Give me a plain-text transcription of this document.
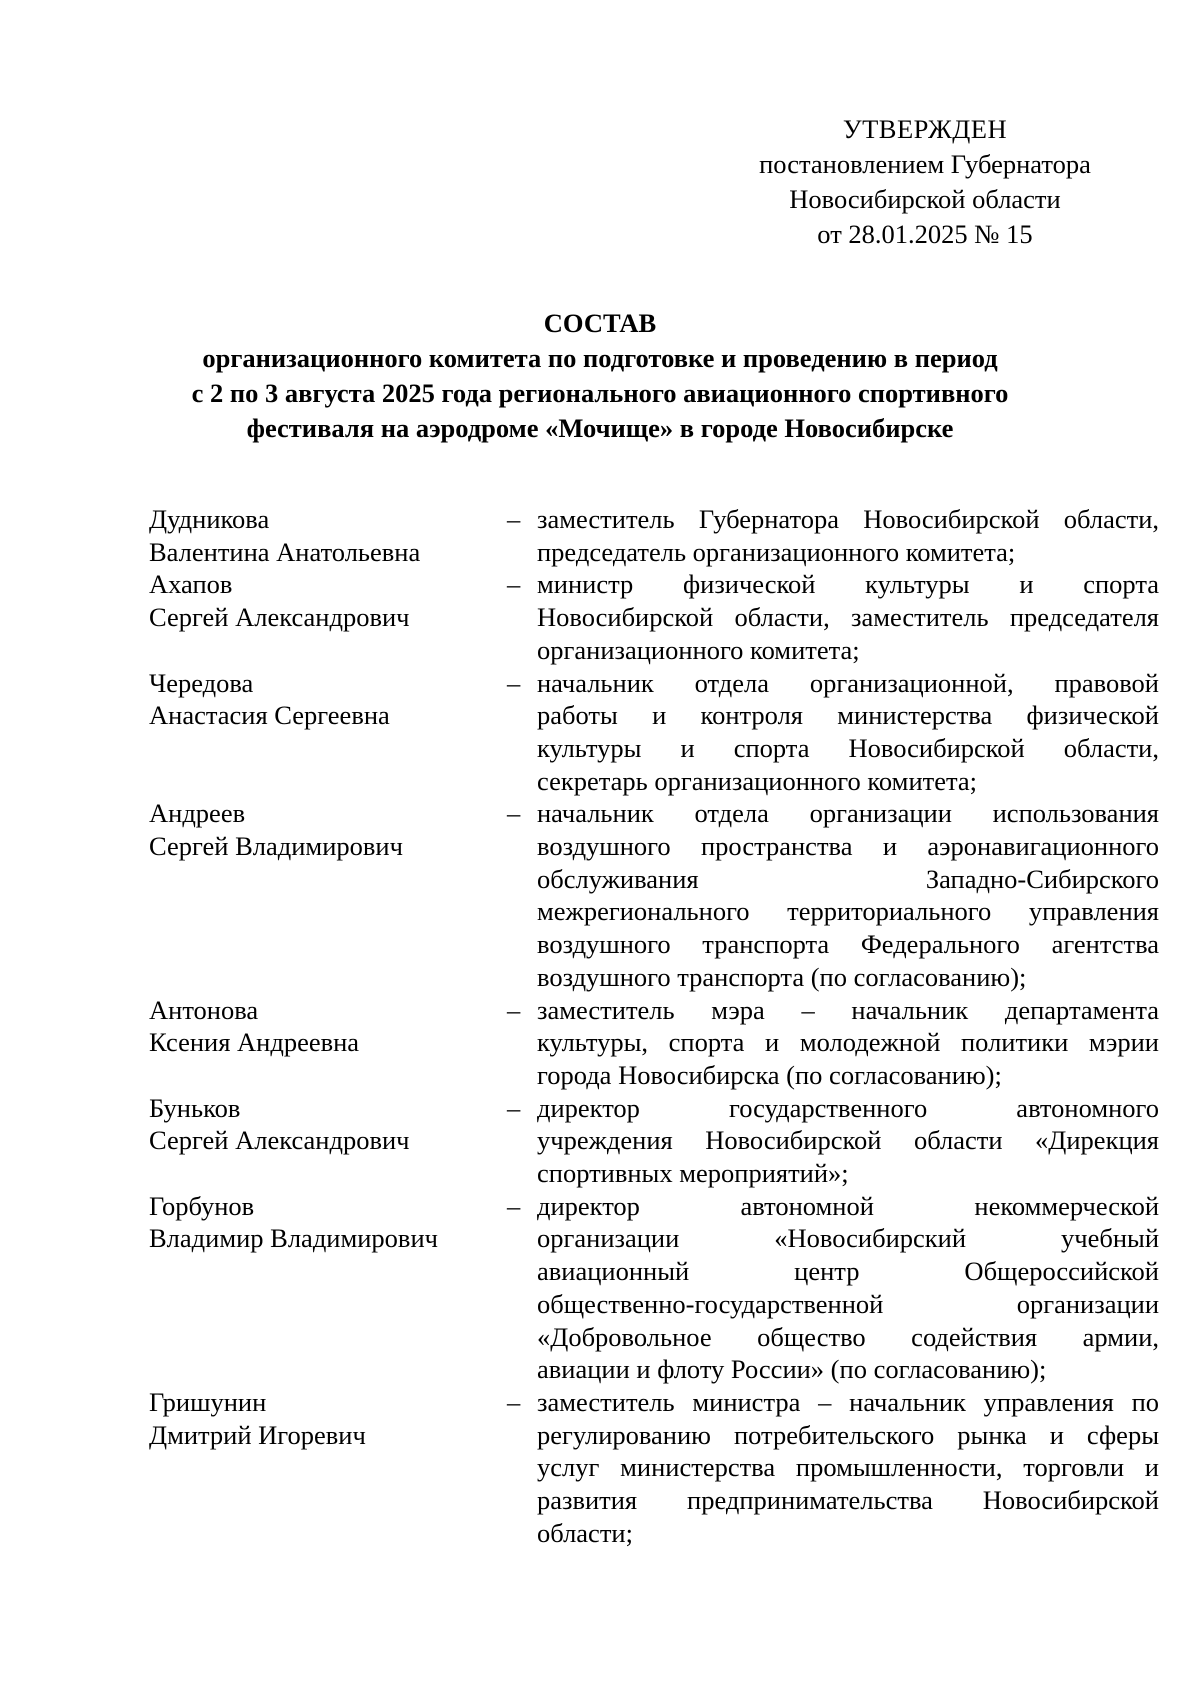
УТВЕРЖДЕН
постановлением Губернатора
Новосибирской области
от 28.01.2025 № 15
СОСТАВ
организационного комитета по подготовке и проведению в период
с 2 по 3 августа 2025 года регионального авиационного спортивного
фестиваля на аэродроме «Мочище» в городе Новосибирске
Дудникова
Валентина Анатольевна
– заместитель Губернатора Новосибирской области,
председатель организационного комитета;
Ахапов
Сергей Александрович
– министр физической культуры и спорта
Новосибирской области, заместитель председателя
организационного комитета;
Чередова
Анастасия Сергеевна
– начальник отдела организационной, правовой
работы и контроля министерства физической
культуры и спорта Новосибирской области,
секретарь организационного комитета;
Андреев
Сергей Владимирович
– начальник отдела организации использования
воздушного пространства и аэронавигационного
обслуживания Западно-Сибирского
межрегионального территориального управления
воздушного транспорта Федерального агентства
воздушного транспорта (по согласованию);
Антонова
Ксения Андреевна
– заместитель мэра – начальник департамента
культуры, спорта и молодежной политики мэрии
города Новосибирска (по согласованию);
Буньков
Сергей Александрович
– директор государственного автономного
учреждения Новосибирской области «Дирекция
спортивных мероприятий»;
Горбунов
Владимир Владимирович
– директор автономной некоммерческой
организации «Новосибирский учебный
авиационный центр Общероссийской
общественно-государственной организации
«Добровольное общество содействия армии,
авиации и флоту России» (по согласованию);
Гришунин
Дмитрий Игоревич
– заместитель министра – начальник управления по
регулированию потребительского рынка и сферы
услуг министерства промышленности, торговли и
развития предпринимательства Новосибирской
области;
